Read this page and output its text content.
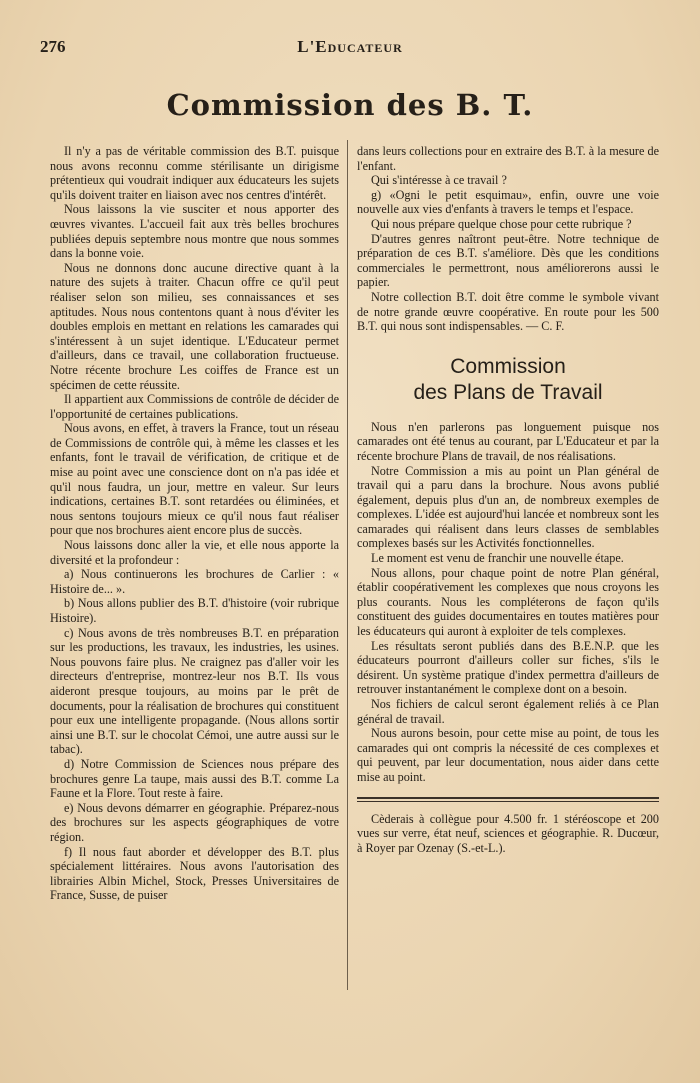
276	L'Educateur
Commission des B. T.

Il n'y a pas de véritable commission des B.T. puisque nous avons reconnu comme stérilisante un dirigisme prétentieux qui voudrait indiquer aux éducateurs les sujets qu'ils doivent traiter en liaison avec nos centres d'intérêt.

Nous laissons la vie susciter et nous apporter des œuvres vivantes. L'accueil fait aux très belles brochures publiées depuis septembre nous montre que nous sommes dans la bonne voie.

Nous ne donnons donc aucune directive quant à la nature des sujets à traiter. Chacun offre ce qu'il peut réaliser selon son milieu, ses connaissances et ses aptitudes. Nous nous contentons quant à nous d'éviter les doubles emplois en mettant en relations les camarades qui s'intéressent à un sujet identique. L'Educateur permet d'ailleurs, dans ce travail, une collaboration fructueuse. Notre récente brochure Les coiffes de France est un spécimen de cette réussite.

Il appartient aux Commissions de contrôle de décider de l'opportunité de certaines publications.

Nous avons, en effet, à travers la France, tout un réseau de Commissions de contrôle qui, à même les classes et les enfants, font le travail de vérification, de critique et de mise au point avec une conscience dont on n'a pas idée et qu'il nous faudra, un jour, mettre en valeur. Sur leurs indications, certaines B.T. sont retardées ou éliminées, et nous sentons toujours mieux ce qu'il nous faut réaliser pour que nos brochures aient encore plus de succès.

Nous laissons donc aller la vie, et elle nous apporte la diversité et la profondeur :

a) Nous continuerons les brochures de Carlier : « Histoire de... ».

b) Nous allons publier des B.T. d'histoire (voir rubrique Histoire).

c) Nous avons de très nombreuses B.T. en préparation sur les productions, les travaux, les industries, les usines. Nous pouvons faire plus. Ne craignez pas d'aller voir les directeurs d'entreprise, montrez-leur nos B.T. Ils vous aideront presque toujours, au moins par le prêt de documents, pour la réalisation de brochures qui constituent pour eux une intelligente propagande. (Nous allons sortir ainsi une B.T. sur le chocolat Cémoi, une autre aussi sur le tabac).

d) Notre Commission de Sciences nous prépare des brochures genre La taupe, mais aussi des B.T. comme La Faune et la Flore. Tout reste à faire.

e) Nous devons démarrer en géographie. Préparez-nous des brochures sur les aspects géographiques de votre région.

f) Il nous faut aborder et développer des B.T. plus spécialement littéraires. Nous avons l'autorisation des librairies Albin Michel, Stock, Presses Universitaires de France, Susse, de puiser

dans leurs collections pour en extraire des B.T. à la mesure de l'enfant.

Qui s'intéresse à ce travail ?

g) «Ogni le petit esquimau», enfin, ouvre une voie nouvelle aux vies d'enfants à travers le temps et l'espace.

Qui nous prépare quelque chose pour cette rubrique ?

D'autres genres naîtront peut-être. Notre technique de préparation de ces B.T. s'améliore. Dès que les conditions commerciales le permettront, nous améliorerons aussi le papier.

Notre collection B.T. doit être comme le symbole vivant de notre grande œuvre coopérative. En route pour les 500 B.T. qui nous sont indispensables. — C. F.

Commission
des Plans de Travail

Nous n'en parlerons pas longuement puisque nos camarades ont été tenus au courant, par L'Educateur et par la récente brochure Plans de travail, de nos réalisations.

Notre Commission a mis au point un Plan général de travail qui a paru dans la brochure. Nous avons publié également, depuis plus d'un an, de nombreux exemples de complexes. L'idée est aujourd'hui lancée et nombreux sont les camarades qui réalisent dans leurs classes de semblables complexes basés sur les Activités fonctionnelles.

Le moment est venu de franchir une nouvelle étape.

Nous allons, pour chaque point de notre Plan général, établir coopérativement les complexes que nous croyons les plus courants. Nous les compléterons de façon qu'ils constituent des guides documentaires en toutes matières pour les éducateurs qui auront à exploiter de tels complexes.

Les résultats seront publiés dans des B.E.N.P. que les éducateurs pourront d'ailleurs coller sur fiches, s'ils le désirent. Un système pratique d'index permettra d'ailleurs de retrouver instantanément le complexe dont on a besoin.

Nos fichiers de calcul seront également reliés à ce Plan général de travail.

Nous aurons besoin, pour cette mise au point, de tous les camarades qui ont compris la nécessité de ces complexes et qui peuvent, par leur documentation, nous aider dans cette mise au point.

Cèderais à collègue pour 4.500 fr. 1 stéréoscope et 200 vues sur verre, état neuf, sciences et géographie. R. Ducœur, à Royer par Ozenay (S.-et-L.).
